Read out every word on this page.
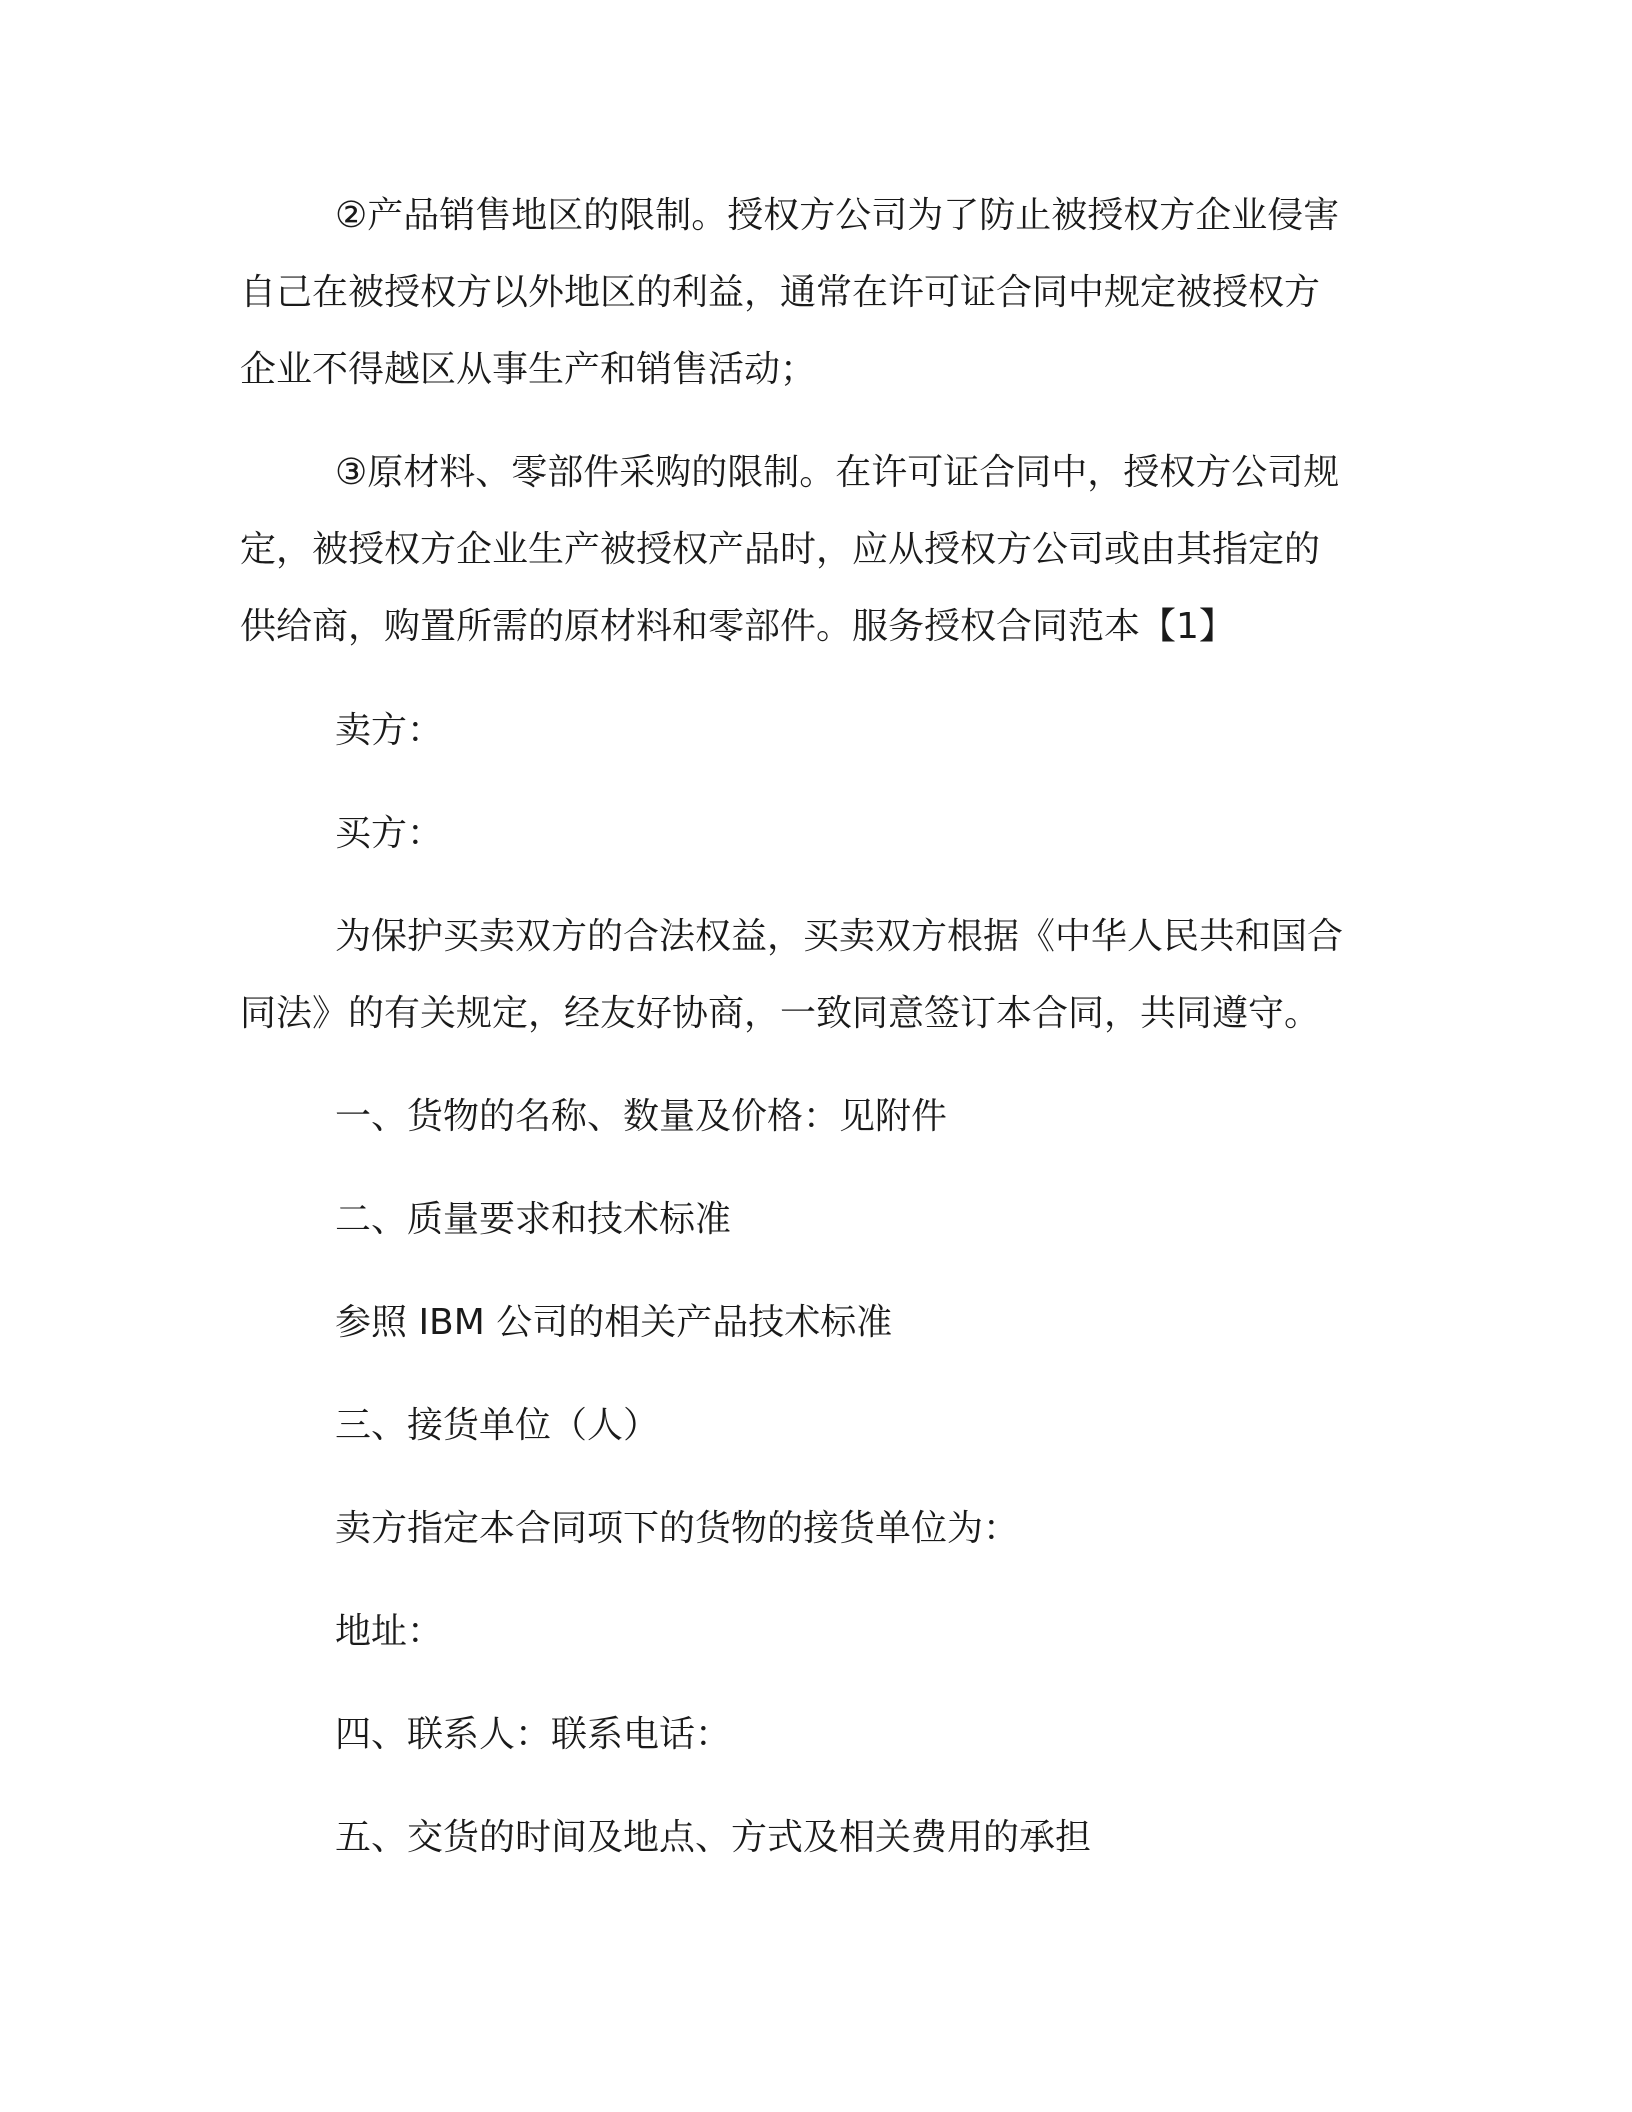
②产品销售地区的限制。授权方公司为了防止被授权方企业侵害
自己在被授权方以外地区的利益，通常在许可证合同中规定被授权方
企业不得越区从事生产和销售活动；
③原材料、零部件采购的限制。在许可证合同中，授权方公司规
定，被授权方企业生产被授权产品时，应从授权方公司或由其指定的
供给商，购置所需的原材料和零部件。服务授权合同范本【1】
卖方：
买方：
为保护买卖双方的合法权益，买卖双方根据《中华人民共和国合
同法》的有关规定，经友好协商，一致同意签订本合同，共同遵守。
一、货物的名称、数量及价格：见附件
二、质量要求和技术标准
参照 IBM 公司的相关产品技术标准
三、接货单位（人）
卖方指定本合同项下的货物的接货单位为：
地址：
四、联系人：联系电话：
五、交货的时间及地点、方式及相关费用的承担
